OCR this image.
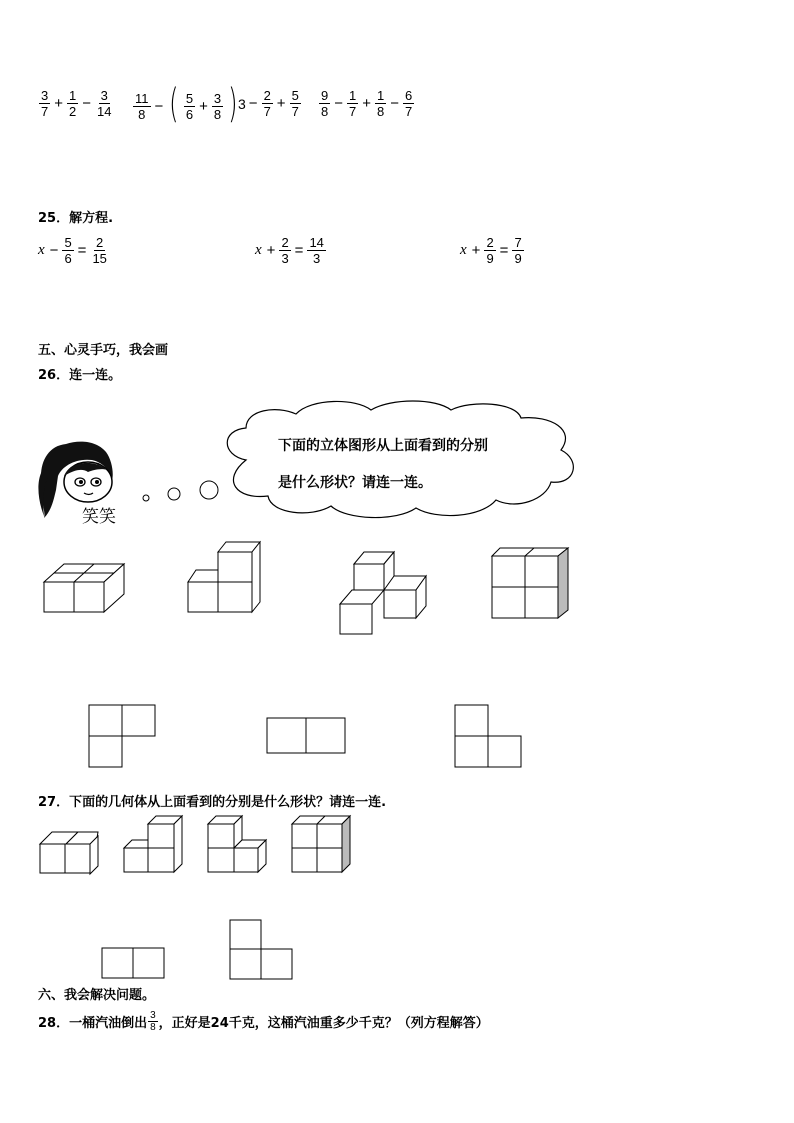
$\frac{3}{7} + \frac{1}{2} - \frac{3}{14} \frac{11}{8}$ − ( $\frac{5}{6} + \frac{3}{8}$ ) $3 - \frac{2}{7} + \frac{5}{7} \frac{9}{8} - \frac{1}{7} + \frac{1}{8} - \frac{6}{7}$
25．解方程.
$x - \frac{5}{6} = \frac{2}{15}$	$x + \frac{2}{3} = \frac{14}{3}$	$x + \frac{2}{9} = \frac{7}{9}$
五、心灵手巧，我会画
26．连一连。
笑笑
下面的立体图形从上面看到的分别
是什么形状？请连一连。
27．下面的几何体从上面看到的分别是什么形状？请连一连.
六、我会解决问题。
28．一桶汽油倒出 $\frac{3}{8}$ ，正好是24千克，这桶汽油重多少千克？（列方程解答）
